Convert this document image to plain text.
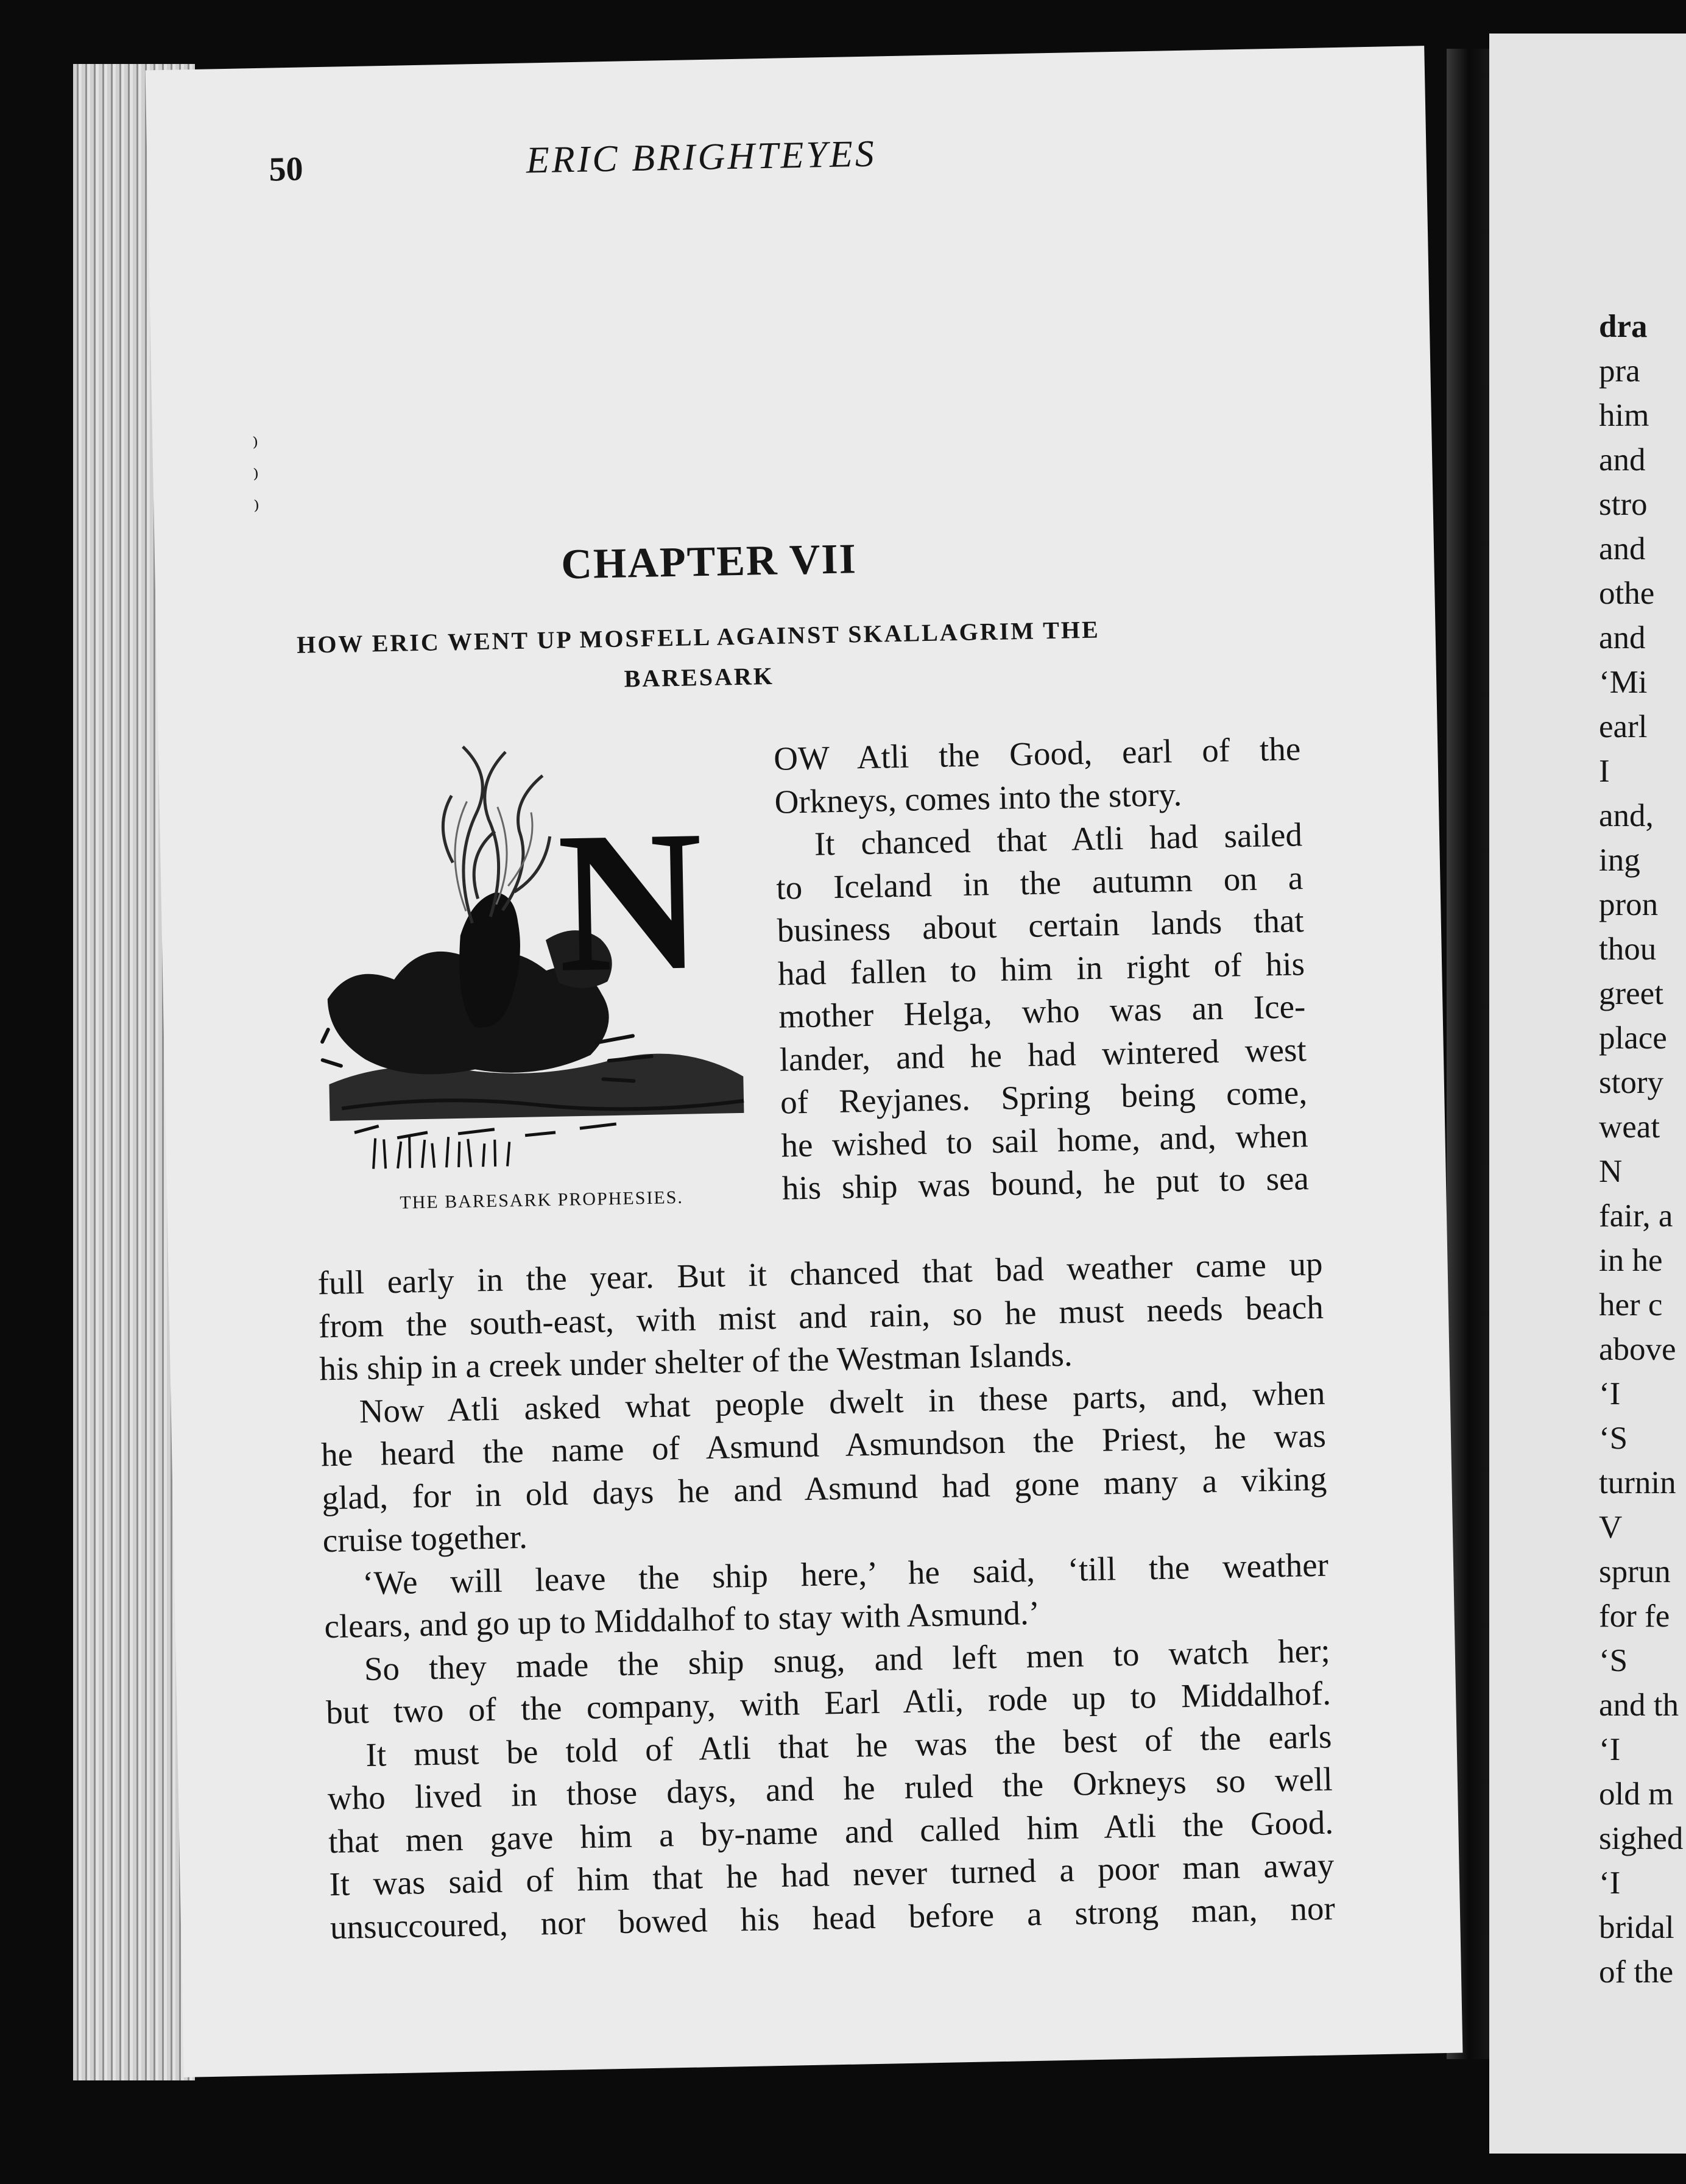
dra
pra
him
and
stro
and
othe
and
‘Mi
earl
I
and,
ing
pron
thou
greet
place
story
weat
N
fair, a
in he
her c
above
‘I
‘S
turnin
V
sprun
for fe
‘S
and th
‘I
old m
sighed
‘I
bridal
of the
50	ERIC BRIGHTEYES
⁾
⁾
⁾
CHAPTER VII
HOW ERIC WENT UP MOSFELL AGAINST SKALLAGRIM THE
BARESARK
N
THE BARESARK PROPHESIES.
OW Atli the Good, earl of the
Orkneys, comes into the story.
It chanced that Atli had sailed
to Iceland in the autumn on a
business about certain lands that
had fallen to him in right of his
mother Helga, who was an Ice-
lander, and he had wintered west
of Reyjanes. Spring being come,
he wished to sail home, and, when
his ship was bound, he put to sea
full early in the year. But it chanced that bad weather came up
from the south-east, with mist and rain, so he must needs beach
his ship in a creek under shelter of the Westman Islands.
Now Atli asked what people dwelt in these parts, and, when
he heard the name of Asmund Asmundson the Priest, he was
glad, for in old days he and Asmund had gone many a viking
cruise together.
‘We will leave the ship here,’ he said, ‘till the weather
clears, and go up to Middalhof to stay with Asmund.’
So they made the ship snug, and left men to watch her;
but two of the company, with Earl Atli, rode up to Middalhof.
It must be told of Atli that he was the best of the earls
who lived in those days, and he ruled the Orkneys so well
that men gave him a by-name and called him Atli the Good.
It was said of him that he had never turned a poor man away
unsuccoured, nor bowed his head before a strong man, nor
